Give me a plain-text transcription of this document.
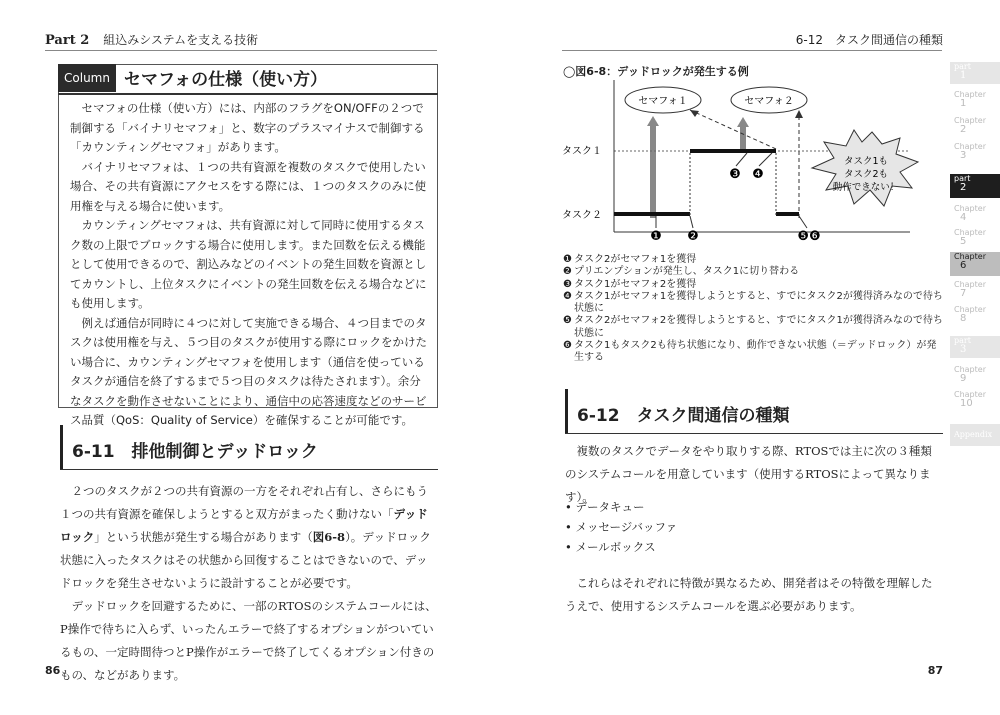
Part 2 組込みシステムを支える技術	6-12　タスク間通信の種類
Column セマフォの仕様（使い方）

セマフォの仕様（使い方）には、内部のフラグをON/OFFの２つで制御する「バイナリセマフォ」と、数字のプラスマイナスで制御する「カウンティングセマフォ」があります。

バイナリセマフォは、１つの共有資源を複数のタスクで使用したい場合、その共有資源にアクセスをする際には、１つのタスクのみに使用権を与える場合に使います。

カウンティングセマフォは、共有資源に対して同時に使用するタスク数の上限でブロックする場合に使用します。また回数を伝える機能として使用できるので、割込みなどのイベントの発生回数を資源としてカウントし、上位タスクにイベントの発生回数を伝える場合などにも使用します。

例えば通信が同時に４つに対して実施できる場合、４つ目までのタスクは使用権を与え、５つ目のタスクが使用する際にロックをかけたい場合に、カウンティングセマフォを使用します（通信を使っているタスクが通信を終了するまで５つ目のタスクは待たされます）。余分なタスクを動作させないことにより、通信中の応答速度などのサービス品質（QoS：Quality of Service）を確保することが可能です。

6-11　排他制御とデッドロック

２つのタスクが２つの共有資源の一方をそれぞれ占有し、さらにもう１つの共有資源を確保しようとすると双方がまったく動けない「デッドロック」という状態が発生する場合があります（図6-8）。デッドロック状態に入ったタスクはその状態から回復することはできないので、デッドロックを発生させないように設計することが必要です。

デッドロックを回避するために、一部のRTOSのシステムコールには、P操作で待ちに入らず、いったんエラーで終了するオプションがついているもの、一定時間待つとP操作がエラーで終了してくるオプション付きのもの、などがあります。

◯図6-8：デッドロックが発生する例
セマフォ１	セマフォ２
タスク１
タスク２
❶ ❷
❸ ❹
❺❻
タスク1も
タスク2も
動作できない！
❶ タスク2がセマフォ1を獲得
❷ プリエンプションが発生し、タスク1に切り替わる
❸ タスク1がセマフォ2を獲得
❹ タスク1がセマフォ1を獲得しようとすると、すでにタスク2が獲得済みなので待ち状態に
❺ タスク2がセマフォ2を獲得しようとすると、すでにタスク1が獲得済みなので待ち状態に
❻ タスク1もタスク2も待ち状態になり、動作できない状態（＝デッドロック）が発生する
6-12　タスク間通信の種類

複数のタスクでデータをやり取りする際、RTOSでは主に次の３種類のシステムコールを用意しています（使用するRTOSによって異なります）。

• データキュー
• メッセージバッファ
• メールボックス

これらはそれぞれに特徴が異なるため、開発者はその特徴を理解したうえで、使用するシステムコールを選ぶ必要があります。

86	87
part
1
Chapter
1
Chapter
2
Chapter
3
part
2
Chapter
4
Chapter
5
Chapter
6
Chapter
7
Chapter
8
part
3
Chapter
9
Chapter
10
Appendix
